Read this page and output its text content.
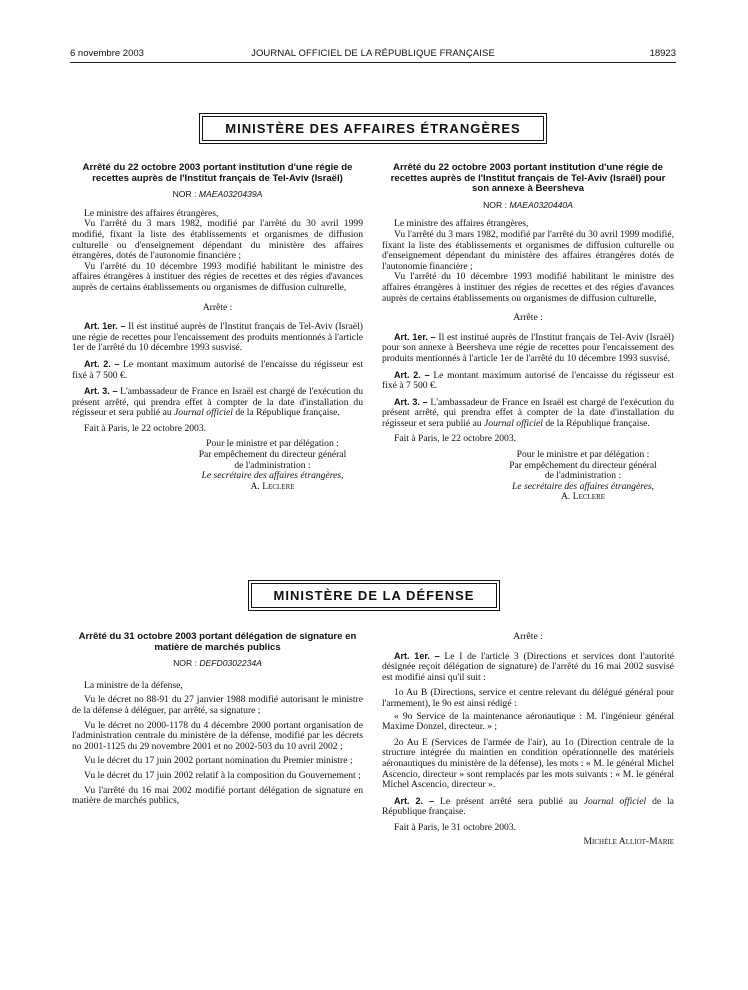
6 novembre 2003	JOURNAL OFFICIEL DE LA RÉPUBLIQUE FRANÇAISE	18923
MINISTÈRE DES AFFAIRES ÉTRANGÈRES
Arrêté du 22 octobre 2003 portant institution d'une régie de recettes auprès de l'Institut français de Tel-Aviv (Israël)
NOR : MAEA0320439A

Le ministre des affaires étrangères,

Vu l'arrêté du 3 mars 1982, modifié par l'arrêté du 30 avril 1999 modifié, fixant la liste des établissements et organismes de diffusion culturelle ou d'enseignement dépendant du ministère des affaires étrangères, dotés de l'autonomie financière ;

Vu l'arrêté du 10 décembre 1993 modifié habilitant le ministre des affaires étrangères à instituer des régies de recettes et des régies d'avances auprès de certains établissements ou organismes de diffusion culturelle,

Arrête :

Art. 1er. – Il est institué auprès de l'Institut français de Tel-Aviv (Israël) une régie de recettes pour l'encaissement des produits mentionnés à l'article 1er de l'arrêté du 10 décembre 1993 susvisé.

Art. 2. – Le montant maximum autorisé de l'encaisse du régisseur est fixé à 7 500 €.

Art. 3. – L'ambassadeur de France en Israël est chargé de l'exécution du présent arrêté, qui prendra effet à compter de la date d'installation du régisseur et sera publié au Journal officiel de la République française.

Fait à Paris, le 22 octobre 2003.

Pour le ministre et par délégation :

Par empêchement du directeur général

de l'administration :

Le secrétaire des affaires étrangères,

A. Leclere

Arrêté du 22 octobre 2003 portant institution d'une régie de recettes auprès de l'Institut français de Tel-Aviv (Israël) pour son annexe à Beersheva
NOR : MAEA0320440A

Le ministre des affaires étrangères,

Vu l'arrêté du 3 mars 1982, modifié par l'arrêté du 30 avril 1999 modifié, fixant la liste des établissements et organismes de diffusion culturelle ou d'enseignement dépendant du ministère des affaires étrangères dotés de l'autonomie financière ;

Vu l'arrêté du 10 décembre 1993 modifié habilitant le ministre des affaires étrangères à instituer des régies de recettes et des régies d'avances auprès de certains établissements ou organismes de diffusion culturelle,

Arrête :

Art. 1er. – Il est institué auprès de l'Institut français de Tel-Aviv (Israël) pour son annexe à Beersheva une régie de recettes pour l'encaissement des produits mentionnés à l'article 1er de l'arrêté du 10 décembre 1993 susvisé.

Art. 2. – Le montant maximum autorisé de l'encaisse du régisseur est fixé à 7 500 €.

Art. 3. – L'ambassadeur de France en Israël est chargé de l'exécution du présent arrêté, qui prendra effet à compter de la date d'installation du régisseur et sera publié au Journal officiel de la République française.

Fait à Paris, le 22 octobre 2003.

Pour le ministre et par délégation :

Par empêchement du directeur général

de l'administration :

Le secrétaire des affaires étrangères,

A. Leclere

MINISTÈRE DE LA DÉFENSE
Arrêté du 31 octobre 2003 portant délégation de signature en matière de marchés publics
NOR : DEFD0302234A

La ministre de la défense,

Vu le décret no 88-91 du 27 janvier 1988 modifié autorisant le ministre de la défense à déléguer, par arrêté, sa signature ;

Vu le décret no 2000-1178 du 4 décembre 2000 portant organisation de l'administration centrale du ministère de la défense, modifié par les décrets no 2001-1125 du 29 novembre 2001 et no 2002-503 du 10 avril 2002 ;

Vu le décret du 17 juin 2002 portant nomination du Premier ministre ;

Vu le décret du 17 juin 2002 relatif à la composition du Gouvernement ;

Vu l'arrêté du 16 mai 2002 modifié portant délégation de signature en matière de marchés publics,

Arrête :

Art. 1er. – Le I de l'article 3 (Directions et services dont l'autorité désignée reçoit délégation de signature) de l'arrêté du 16 mai 2002 susvisé est modifié ainsi qu'il suit :

1o Au B (Directions, service et centre relevant du délégué général pour l'armement), le 9o est ainsi rédigé :

« 9o Service de la maintenance aéronautique : M. l'ingénieur général Maxime Donzel, directeur. » ;

2o Au E (Services de l'armée de l'air), au 1o (Direction centrale de la structure intégrée du maintien en condition opérationnelle des matériels aéronautiques du ministère de la défense), les mots : « M. le général Michel Ascencio, directeur » sont remplacés par les mots suivants : « M. le général Michel Ascencio, directeur ».

Art. 2. – Le présent arrêté sera publié au Journal officiel de la République française.

Fait à Paris, le 31 octobre 2003.

Michèle Alliot-Marie
